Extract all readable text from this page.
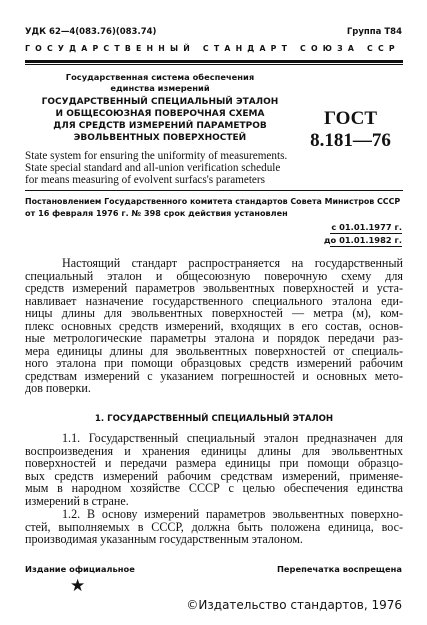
УДК 62—4(083.76)(083.74)	Группа Т84
ГОСУДАРСТВЕННЫЙ СТАНДАРТ СОЮЗА ССР
Государственная система обеспечения
единства измерений
ГОСУДАРСТВЕННЫЙ СПЕЦИАЛЬНЫЙ ЭТАЛОН
И ОБЩЕСОЮЗНАЯ ПОВЕРОЧНАЯ СХЕМА
ДЛЯ СРЕДСТВ ИЗМЕРЕНИЙ ПАРАМЕТРОВ
ЭВОЛЬВЕНТНЫХ ПОВЕРХНОСТЕЙ
ГОСТ
8.181—76
State system for ensuring the uniformity of measurements.
State special standard and all-union verification schedule
for means measuring of evolvent surfacs's parameters
Постановлением Государственного комитета стандартов Совета Министров СССР
от 16 февраля 1976 г. № 398 срок действия установлен
с 01.01.1977 г.
до 01.01.1982 г.
Настоящий стандарт распространяется на государственный
специальный эталон и общесоюзную поверочную схему для
средств измерений параметров эвольвентных поверхностей и уста-
навливает назначение государственного специального эталона еди-
ницы длины для эвольвентных поверхностей — метра (м), ком-
плекс основных средств измерений, входящих в его состав, основ-
ные метрологические параметры эталона и порядок передачи раз-
мера единицы длины для эвольвентных поверхностей от специаль-
ного эталона при помощи образцовых средств измерений рабочим
средствам измерений с указанием погрешностей и основных мето-
дов поверки.
1. ГОСУДАРСТВЕННЫЙ СПЕЦИАЛЬНЫЙ ЭТАЛОН
1.1. Государственный специальный эталон предназначен для
воспроизведения и хранения единицы длины для эвольвентных
поверхностей и передачи размера единицы при помощи образцо-
вых средств измерений рабочим средствам измерений, применяе-
мым в народном хозяйстве СССР с целью обеспечения единства
измерений в стране.
1.2. В основу измерений параметров эвольвентных поверхно-
стей, выполняемых в СССР, должна быть положена единица, вос-
производимая указанным государственным эталоном.
Издание официальное	Перепечатка воспрещена
★
©Издательство стандартов, 1976
